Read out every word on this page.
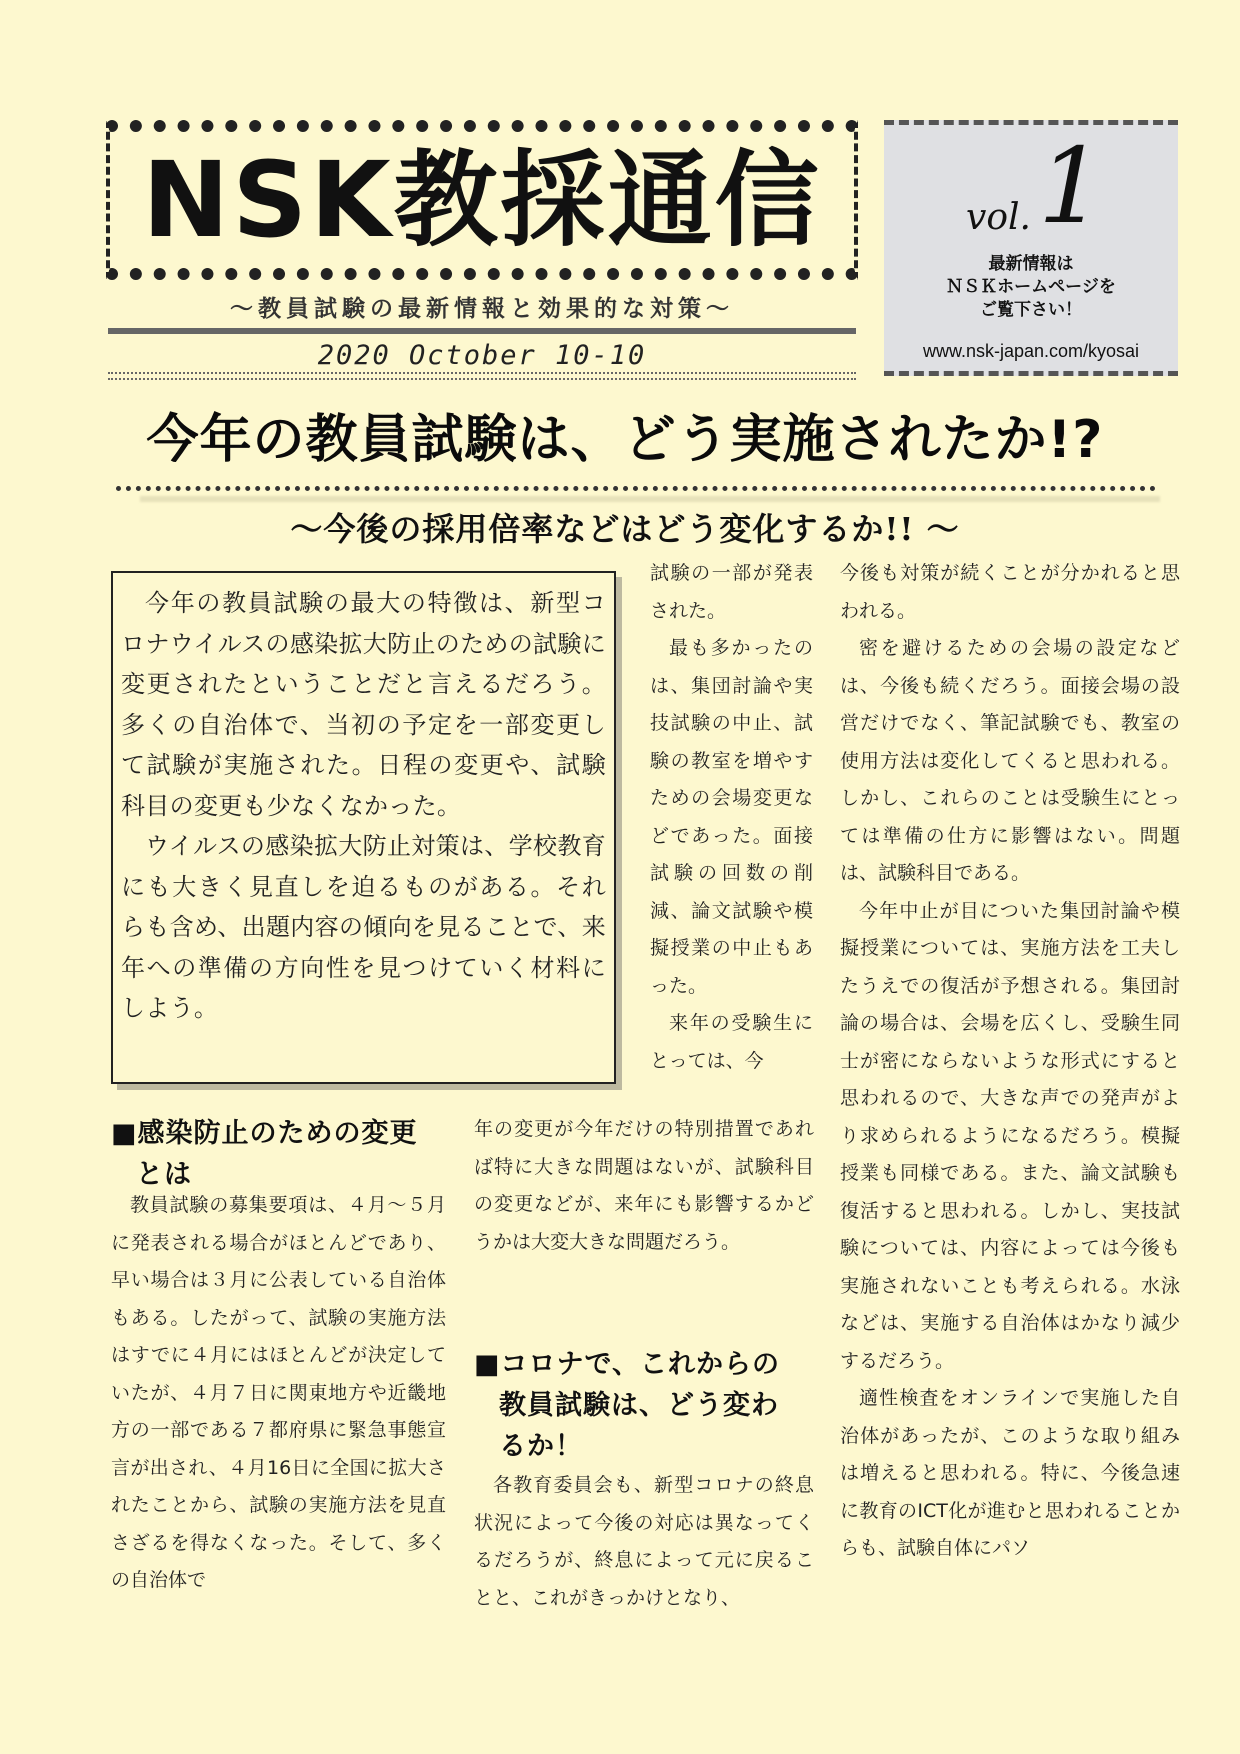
NSK教採通信
～教員試験の最新情報と効果的な対策～
2020 October 10-10
vol. 1
最新情報は
ＮＳＫホームページを
ご覧下さい！
www.nsk-japan.com/kyosai
今年の教員試験は、どう実施されたか!?
～今後の採用倍率などはどう変化するか!! ～

今年の教員試験の最大の特徴は、新型コロナウイルスの感染拡大防止のための試験に変更されたということだと言えるだろう。多くの自治体で、当初の予定を一部変更して試験が実施された。日程の変更や、試験科目の変更も少なくなかった。

ウイルスの感染拡大防止対策は、学校教育にも大きく見直しを迫るものがある。それらも含め、出題内容の傾向を見ることで、来年への準備の方向性を見つけていく材料にしよう。

試験の一部が発表された。

最も多かったのは、集団討論や実技試験の中止、試験の教室を増やすための会場変更などであった。面接試験の回数の削減、論文試験や模擬授業の中止もあった。

来年の受験生にとっては、今

■感染防止のための変更
とは

教員試験の募集要項は、４月～５月に発表される場合がほとんどであり、早い場合は３月に公表している自治体もある。したがって、試験の実施方法はすでに４月にはほとんどが決定していたが、４月７日に関東地方や近畿地方の一部である７都府県に緊急事態宣言が出され、４月16日に全国に拡大されたことから、試験の実施方法を見直さざるを得なくなった。そして、多くの自治体で

年の変更が今年だけの特別措置であれば特に大きな問題はないが、試験科目の変更などが、来年にも影響するかどうかは大変大きな問題だろう。

■コロナで、これからの
教員試験は、どう変わ
るか！

各教育委員会も、新型コロナの終息状況によって今後の対応は異なってくるだろうが、終息によって元に戻ることと、これがきっかけとなり、

今後も対策が続くことが分かれると思われる。

密を避けるための会場の設定などは、今後も続くだろう。面接会場の設営だけでなく、筆記試験でも、教室の使用方法は変化してくると思われる。しかし、これらのことは受験生にとっては準備の仕方に影響はない。問題は、試験科目である。

今年中止が目についた集団討論や模擬授業については、実施方法を工夫したうえでの復活が予想される。集団討論の場合は、会場を広くし、受験生同士が密にならないような形式にすると思われるので、大きな声での発声がより求められるようになるだろう。模擬授業も同様である。また、論文試験も復活すると思われる。しかし、実技試験については、内容によっては今後も実施されないことも考えられる。水泳などは、実施する自治体はかなり減少するだろう。

適性検査をオンラインで実施した自治体があったが、このような取り組みは増えると思われる。特に、今後急速に教育のICT化が進むと思われることからも、試験自体にパソ
